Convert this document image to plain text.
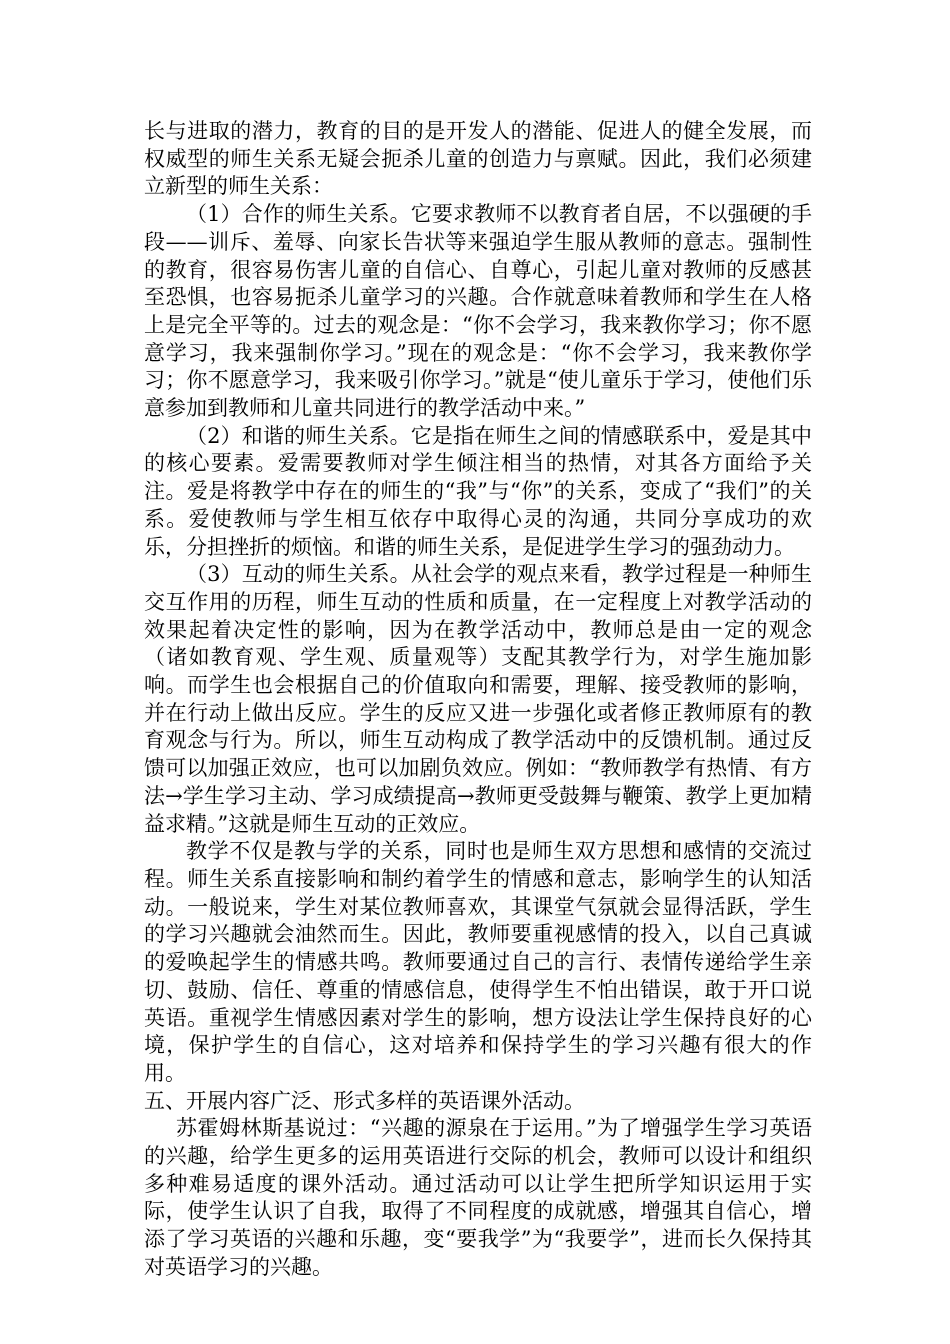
长与进取的潜力，教育的目的是开发人的潜能、促进人的健全发展，而权威型的师生关系无疑会扼杀儿童的创造力与禀赋。因此，我们必须建立新型的师生关系：

（1）合作的师生关系。它要求教师不以教育者自居，不以强硬的手段——训斥、羞辱、向家长告状等来强迫学生服从教师的意志。强制性的教育，很容易伤害儿童的自信心、自尊心，引起儿童对教师的反感甚至恐惧，也容易扼杀儿童学习的兴趣。合作就意味着教师和学生在人格上是完全平等的。过去的观念是：“你不会学习，我来教你学习；你不愿意学习，我来强制你学习。”现在的观念是：“你不会学习，我来教你学习；你不愿意学习，我来吸引你学习。”就是“使儿童乐于学习，使他们乐意参加到教师和儿童共同进行的教学活动中来。”

（2）和谐的师生关系。它是指在师生之间的情感联系中，爱是其中的核心要素。爱需要教师对学生倾注相当的热情，对其各方面给予关注。爱是将教学中存在的师生的“我”与“你”的关系，变成了“我们”的关系。爱使教师与学生相互依存中取得心灵的沟通，共同分享成功的欢乐，分担挫折的烦恼。和谐的师生关系，是促进学生学习的强劲动力。

（3）互动的师生关系。从社会学的观点来看，教学过程是一种师生交互作用的历程，师生互动的性质和质量，在一定程度上对教学活动的效果起着决定性的影响，因为在教学活动中，教师总是由一定的观念（诸如教育观、学生观、质量观等）支配其教学行为，对学生施加影响。而学生也会根据自己的价值取向和需要，理解、接受教师的影响，并在行动上做出反应。学生的反应又进一步强化或者修正教师原有的教育观念与行为。所以，师生互动构成了教学活动中的反馈机制。通过反馈可以加强正效应，也可以加剧负效应。例如：“教师教学有热情、有方法→学生学习主动、学习成绩提高→教师更受鼓舞与鞭策、教学上更加精益求精。”这就是师生互动的正效应。

教学不仅是教与学的关系，同时也是师生双方思想和感情的交流过程。师生关系直接影响和制约着学生的情感和意志，影响学生的认知活动。一般说来，学生对某位教师喜欢，其课堂气氛就会显得活跃，学生的学习兴趣就会油然而生。因此，教师要重视感情的投入，以自己真诚的爱唤起学生的情感共鸣。教师要通过自己的言行、表情传递给学生亲切、鼓励、信任、尊重的情感信息，使得学生不怕出错误，敢于开口说英语。重视学生情感因素对学生的影响，想方设法让学生保持良好的心境，保护学生的自信心，这对培养和保持学生的学习兴趣有很大的作用。

五、开展内容广泛、形式多样的英语课外活动。

苏霍姆林斯基说过：“兴趣的源泉在于运用。”为了增强学生学习英语的兴趣，给学生更多的运用英语进行交际的机会，教师可以设计和组织多种难易适度的课外活动。通过活动可以让学生把所学知识运用于实际，使学生认识了自我，取得了不同程度的成就感，增强其自信心，增添了学习英语的兴趣和乐趣，变“要我学”为“我要学”，进而长久保持其对英语学习的兴趣。
